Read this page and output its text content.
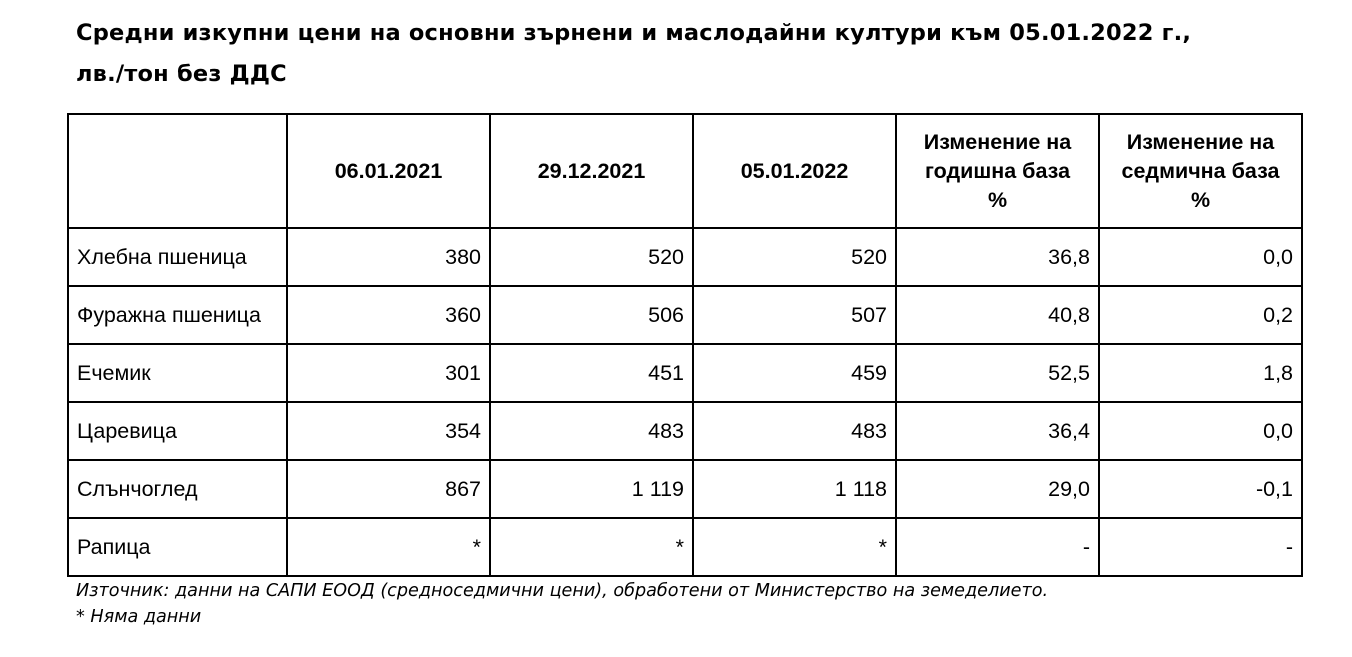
Средни изкупни цени на основни зърнени и маслодайни култури към 05.01.2022 г.,
лв./тон без ДДС
	06.01.2021	29.12.2021	05.01.2022	Изменение на
годишна база
%	Изменение на
седмична база
%
Хлебна пшеница	380	520	520	36,8	0,0
Фуражна пшеница	360	506	507	40,8	0,2
Ечемик	301	451	459	52,5	1,8
Царевица	354	483	483	36,4	0,0
Слънчоглед	867	1 119	1 118	29,0	-0,1
Рапица	*	*	*	-	-
Източник: данни на САПИ ЕООД (средноседмични цени), обработени от Министерство на земеделието.
* Няма данни
